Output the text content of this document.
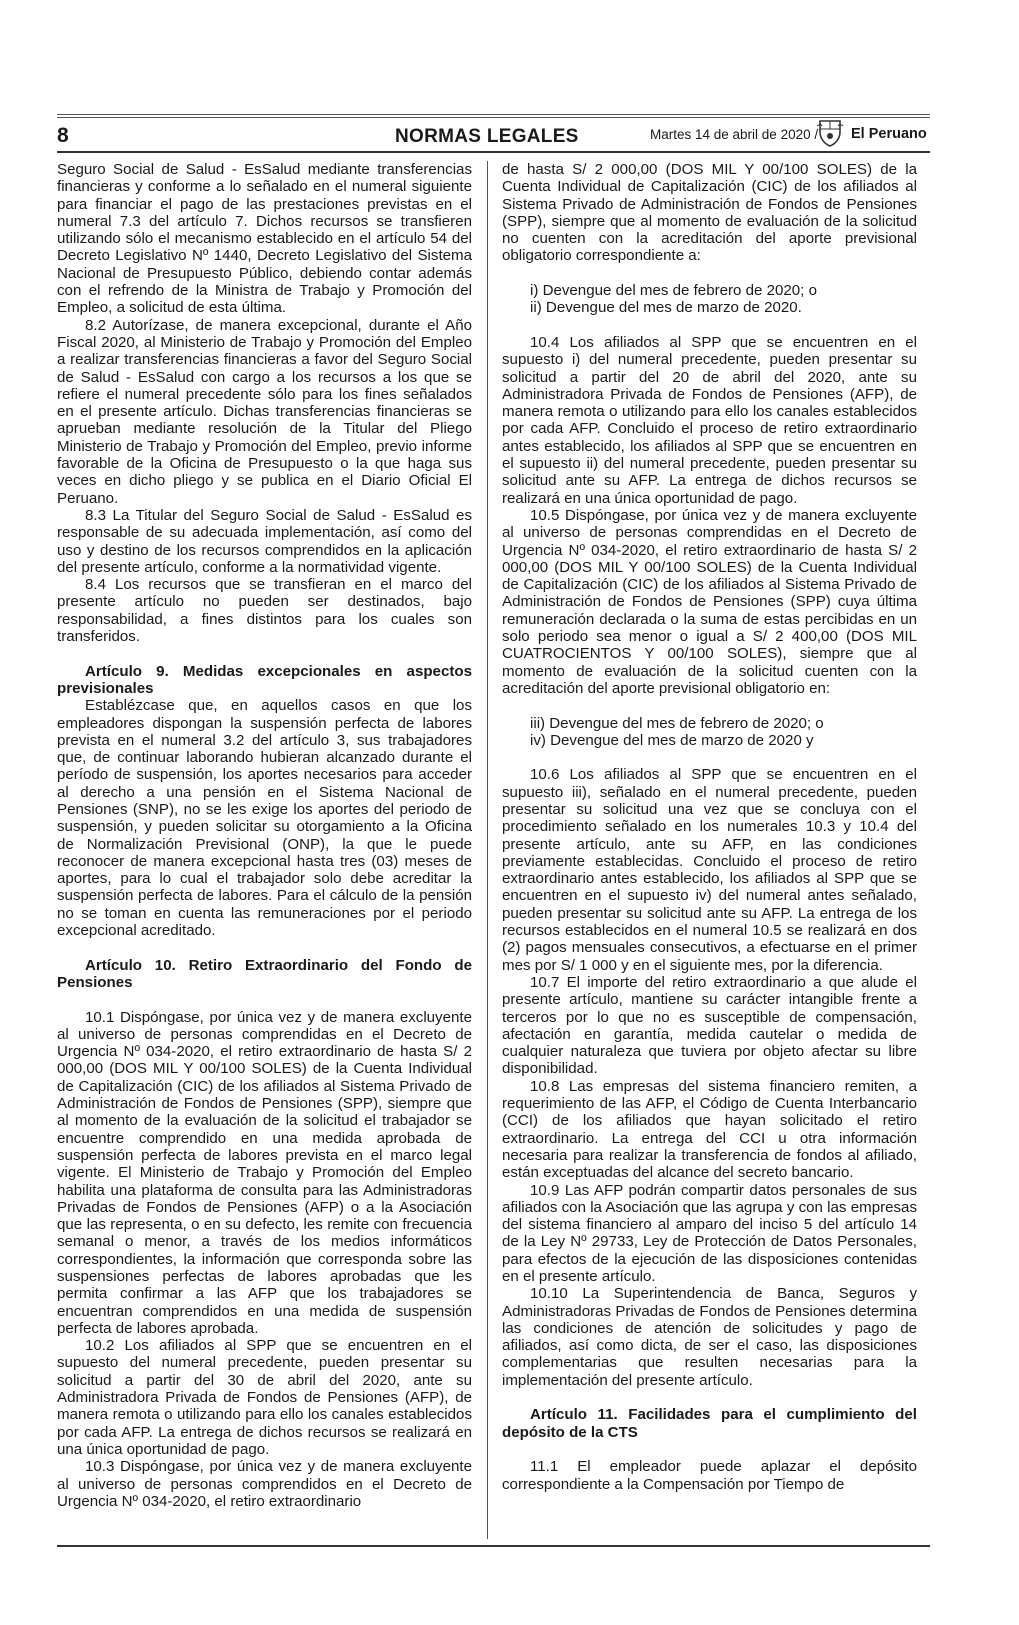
8	NORMAS LEGALES	Martes 14 de abril de 2020 / El Peruano

Seguro Social de Salud - EsSalud mediante transferencias financieras y conforme a lo señalado en el numeral siguiente para financiar el pago de las prestaciones previstas en el numeral 7.3 del artículo 7. Dichos recursos se transfieren utilizando sólo el mecanismo establecido en el artículo 54 del Decreto Legislativo Nº 1440, Decreto Legislativo del Sistema Nacional de Presupuesto Público, debiendo contar además con el refrendo de la Ministra de Trabajo y Promoción del Empleo, a solicitud de esta última.

8.2 Autorízase, de manera excepcional, durante el Año Fiscal 2020, al Ministerio de Trabajo y Promoción del Empleo a realizar transferencias financieras a favor del Seguro Social de Salud - EsSalud con cargo a los recursos a los que se refiere el numeral precedente sólo para los fines señalados en el presente artículo. Dichas transferencias financieras se aprueban mediante resolución de la Titular del Pliego Ministerio de Trabajo y Promoción del Empleo, previo informe favorable de la Oficina de Presupuesto o la que haga sus veces en dicho pliego y se publica en el Diario Oficial El Peruano.

8.3 La Titular del Seguro Social de Salud - EsSalud es responsable de su adecuada implementación, así como del uso y destino de los recursos comprendidos en la aplicación del presente artículo, conforme a la normatividad vigente.

8.4 Los recursos que se transfieran en el marco del presente artículo no pueden ser destinados, bajo responsabilidad, a fines distintos para los cuales son transferidos.

Artículo 9. Medidas excepcionales en aspectos previsionales

Establézcase que, en aquellos casos en que los empleadores dispongan la suspensión perfecta de labores prevista en el numeral 3.2 del artículo 3, sus trabajadores que, de continuar laborando hubieran alcanzado durante el período de suspensión, los aportes necesarios para acceder al derecho a una pensión en el Sistema Nacional de Pensiones (SNP), no se les exige los aportes del periodo de suspensión, y pueden solicitar su otorgamiento a la Oficina de Normalización Previsional (ONP), la que le puede reconocer de manera excepcional hasta tres (03) meses de aportes, para lo cual el trabajador solo debe acreditar la suspensión perfecta de labores. Para el cálculo de la pensión no se toman en cuenta las remuneraciones por el periodo excepcional acreditado.

Artículo 10. Retiro Extraordinario del Fondo de Pensiones

10.1 Dispóngase, por única vez y de manera excluyente al universo de personas comprendidas en el Decreto de Urgencia Nº 034-2020, el retiro extraordinario de hasta S/ 2 000,00 (DOS MIL Y 00/100 SOLES) de la Cuenta Individual de Capitalización (CIC) de los afiliados al Sistema Privado de Administración de Fondos de Pensiones (SPP), siempre que al momento de la evaluación de la solicitud el trabajador se encuentre comprendido en una medida aprobada de suspensión perfecta de labores prevista en el marco legal vigente. El Ministerio de Trabajo y Promoción del Empleo habilita una plataforma de consulta para las Administradoras Privadas de Fondos de Pensiones (AFP) o a la Asociación que las representa, o en su defecto, les remite con frecuencia semanal o menor, a través de los medios informáticos correspondientes, la información que corresponda sobre las suspensiones perfectas de labores aprobadas que les permita confirmar a las AFP que los trabajadores se encuentran comprendidos en una medida de suspensión perfecta de labores aprobada.

10.2 Los afiliados al SPP que se encuentren en el supuesto del numeral precedente, pueden presentar su solicitud a partir del 30 de abril del 2020, ante su Administradora Privada de Fondos de Pensiones (AFP), de manera remota o utilizando para ello los canales establecidos por cada AFP. La entrega de dichos recursos se realizará en una única oportunidad de pago.

10.3 Dispóngase, por única vez y de manera excluyente al universo de personas comprendidos en el Decreto de Urgencia Nº 034-2020, el retiro extraordinario

de hasta S/ 2 000,00 (DOS MIL Y 00/100 SOLES) de la Cuenta Individual de Capitalización (CIC) de los afiliados al Sistema Privado de Administración de Fondos de Pensiones (SPP), siempre que al momento de evaluación de la solicitud no cuenten con la acreditación del aporte previsional obligatorio correspondiente a:

i) Devengue del mes de febrero de 2020; o

ii) Devengue del mes de marzo de 2020.

10.4 Los afiliados al SPP que se encuentren en el supuesto i) del numeral precedente, pueden presentar su solicitud a partir del 20 de abril del 2020, ante su Administradora Privada de Fondos de Pensiones (AFP), de manera remota o utilizando para ello los canales establecidos por cada AFP. Concluido el proceso de retiro extraordinario antes establecido, los afiliados al SPP que se encuentren en el supuesto ii) del numeral precedente, pueden presentar su solicitud ante su AFP. La entrega de dichos recursos se realizará en una única oportunidad de pago.

10.5 Dispóngase, por única vez y de manera excluyente al universo de personas comprendidas en el Decreto de Urgencia Nº 034-2020, el retiro extraordinario de hasta S/ 2 000,00 (DOS MIL Y 00/100 SOLES) de la Cuenta Individual de Capitalización (CIC) de los afiliados al Sistema Privado de Administración de Fondos de Pensiones (SPP) cuya última remuneración declarada o la suma de estas percibidas en un solo periodo sea menor o igual a S/ 2 400,00 (DOS MIL CUATROCIENTOS Y 00/100 SOLES), siempre que al momento de evaluación de la solicitud cuenten con la acreditación del aporte previsional obligatorio en:

iii) Devengue del mes de febrero de 2020; o

iv) Devengue del mes de marzo de 2020 y

10.6 Los afiliados al SPP que se encuentren en el supuesto iii), señalado en el numeral precedente, pueden presentar su solicitud una vez que se concluya con el procedimiento señalado en los numerales 10.3 y 10.4 del presente artículo, ante su AFP, en las condiciones previamente establecidas. Concluido el proceso de retiro extraordinario antes establecido, los afiliados al SPP que se encuentren en el supuesto iv) del numeral antes señalado, pueden presentar su solicitud ante su AFP. La entrega de los recursos establecidos en el numeral 10.5 se realizará en dos (2) pagos mensuales consecutivos, a efectuarse en el primer mes por S/ 1 000 y en el siguiente mes, por la diferencia.

10.7 El importe del retiro extraordinario a que alude el presente artículo, mantiene su carácter intangible frente a terceros por lo que no es susceptible de compensación, afectación en garantía, medida cautelar o medida de cualquier naturaleza que tuviera por objeto afectar su libre disponibilidad.

10.8 Las empresas del sistema financiero remiten, a requerimiento de las AFP, el Código de Cuenta Interbancario (CCI) de los afiliados que hayan solicitado el retiro extraordinario. La entrega del CCI u otra información necesaria para realizar la transferencia de fondos al afiliado, están exceptuadas del alcance del secreto bancario.

10.9 Las AFP podrán compartir datos personales de sus afiliados con la Asociación que las agrupa y con las empresas del sistema financiero al amparo del inciso 5 del artículo 14 de la Ley Nº 29733, Ley de Protección de Datos Personales, para efectos de la ejecución de las disposiciones contenidas en el presente artículo.

10.10 La Superintendencia de Banca, Seguros y Administradoras Privadas de Fondos de Pensiones determina las condiciones de atención de solicitudes y pago de afiliados, así como dicta, de ser el caso, las disposiciones complementarias que resulten necesarias para la implementación del presente artículo.

Artículo 11. Facilidades para el cumplimiento del depósito de la CTS

11.1 El empleador puede aplazar el depósito correspondiente a la Compensación por Tiempo de
